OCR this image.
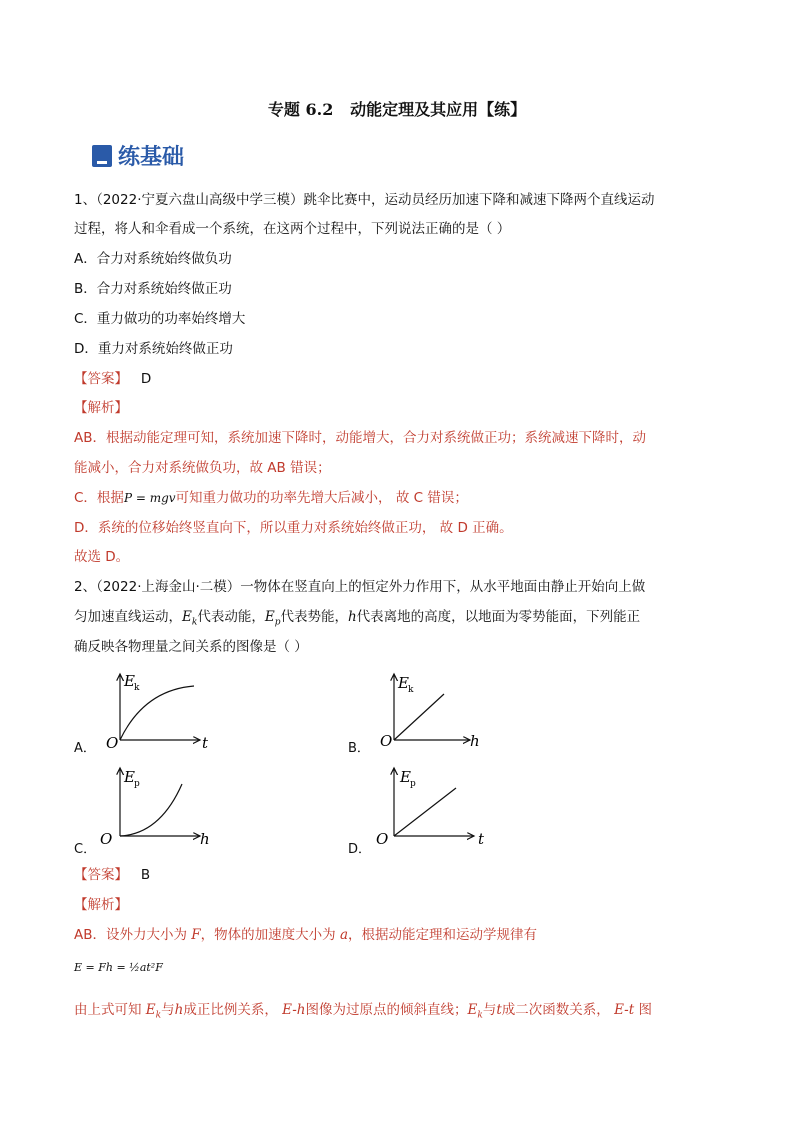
专题 6.2 动能定理及其应用【练】
练基础
1、（2022·宁夏六盘山高级中学三模）跳伞比赛中，运动员经历加速下降和减速下降两个直线运动
过程，将人和伞看成一个系统，在这两个过程中，下列说法正确的是（ ）
A．合力对系统始终做负功
B．合力对系统始终做正功
C．重力做功的功率始终增大
D．重力对系统始终做正功
【答案】 D
【解析】
AB．根据动能定理可知，系统加速下降时，动能增大，合力对系统做正功；系统减速下降时，动
能减小，合力对系统做负功，故 AB 错误；
C．根据P = mgv可知重力做功的功率先增大后减小， 故 C 错误；
D．系统的位移始终竖直向下，所以重力对系统始终做正功， 故 D 正确。
故选 D。
2、（2022·上海金山·二模）一物体在竖直向上的恒定外力作用下，从水平地面由静止开始向上做
匀加速直线运动，$E_k$代表动能，$E_p$代表势能，h代表离地的高度，以地面为零势能面，下列能正
确反映各物理量之间关系的图像是（ ）
A．
E k
O	t	B．
E k
O	h
C．
E p
O	h
D．
E p
O	t
【答案】 B
【解析】
AB．设外力大小为 F，物体的加速度大小为 a，根据动能定理和运动学规律有
E = Fh = ½at²F
由上式可知 $E_k$与h成正比例关系， E-h图像为过原点的倾斜直线；$E_k$与t成二次函数关系， E-t 图
